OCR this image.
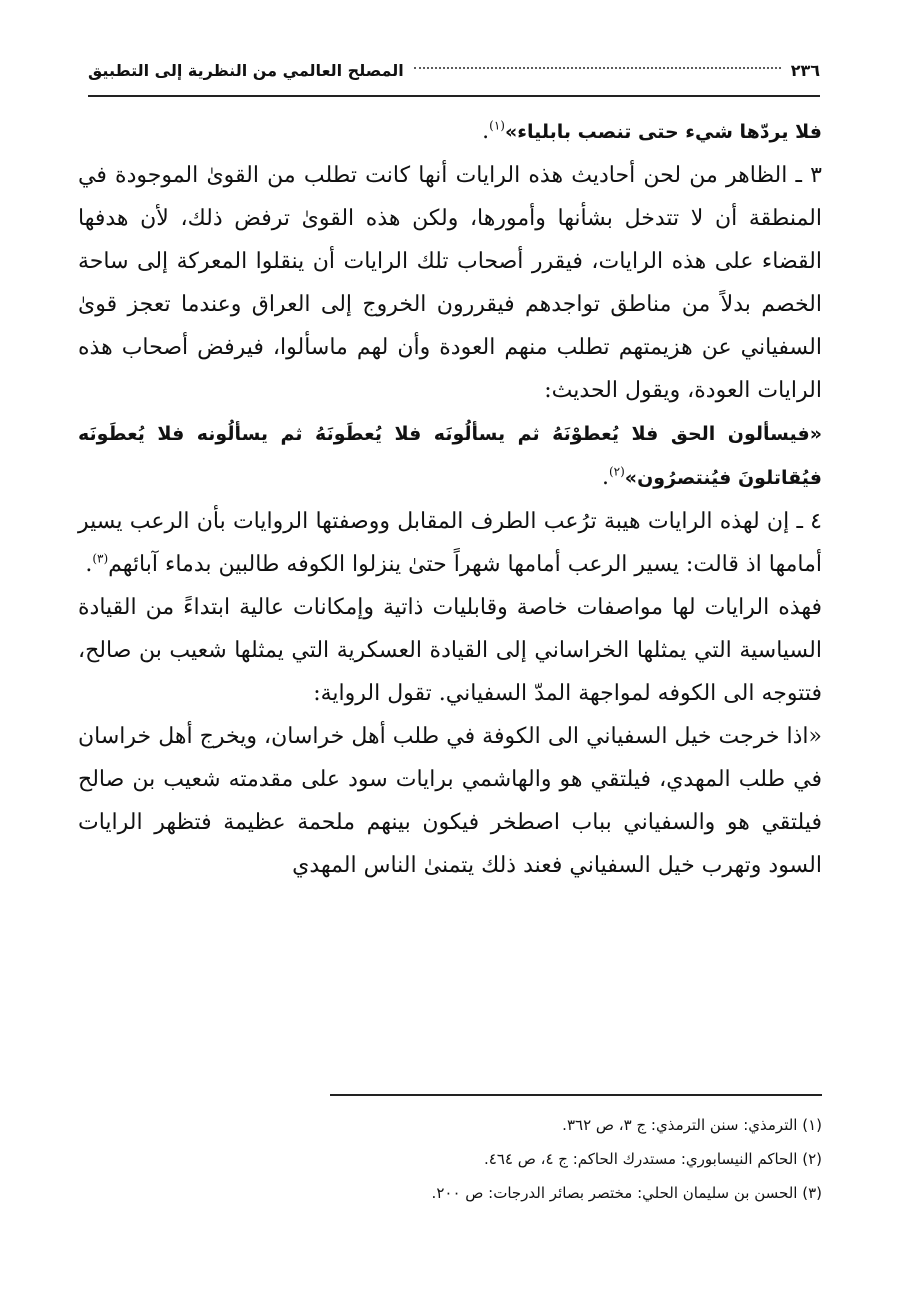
٢٣٦
المصلح العالمي من النظرية إلى التطبيق

فلا يردّها شيء حتى تنصب بابلياء»$^{(١)}$.

٣ ـ الظاهر من لحن أحاديث هذه الرايات أنها كانت تطلب من القوىٰ الموجودة في المنطقة أن لا تتدخل بشأنها وأمورها، ولكن هذه القوىٰ ترفض ذلك، لأن هدفها القضاء على هذه الرايات، فيقرر أصحاب تلك الرايات أن ينقلوا المعركة إلى ساحة الخصم بدلاً من مناطق تواجدهم فيقررون الخروج إلى العراق وعندما تعجز قوىٰ السفياني عن هزيمتهم تطلب منهم العودة وأن لهم ماسألوا، فيرفض أصحاب هذه الرايات العودة، ويقول الحديث:

«فيسألون الحق فلا يُعطوْنَهُ ثم يسألُونَه فلا يُعطَونَهُ ثم يسألُونه فلا يُعطَونَه فيُقاتلونَ فيُنتصرُون»$^{(٢)}$.

٤ ـ إن لهذه الرايات هيبة ترُعب الطرف المقابل ووصفتها الروايات بأن الرعب يسير أمامها اذ قالت: يسير الرعب أمامها شهراً حتىٰ ينزلوا الكوفه طالبين بدماء آبائهم$^{(٣)}$.

فهذه الرايات لها مواصفات خاصة وقابليات ذاتية وإمكانات عالية ابتداءً من القيادة السياسية التي يمثلها الخراساني إلى القيادة العسكرية التي يمثلها شعيب بن صالح، فتتوجه الى الكوفه لمواجهة المدّ السفياني. تقول الرواية:

«اذا خرجت خيل السفياني الى الكوفة في طلب أهل خراسان، ويخرج أهل خراسان في طلب المهدي، فيلتقي هو والهاشمي برايات سود على مقدمته شعيب بن صالح فيلتقي هو والسفياني بباب اصطخر فيكون بينهم ملحمة عظيمة فتظهر الرايات السود وتهرب خيل السفياني فعند ذلك يتمنىٰ الناس المهدي

(١) الترمذي: سنن الترمذي: ج ٣، ص ٣٦٢.

(٢) الحاكم النيسابوري: مستدرك الحاكم: ج ٤، ص ٤٦٤.

(٣) الحسن بن سليمان الحلي: مختصر بصائر الدرجات: ص ٢٠٠.
